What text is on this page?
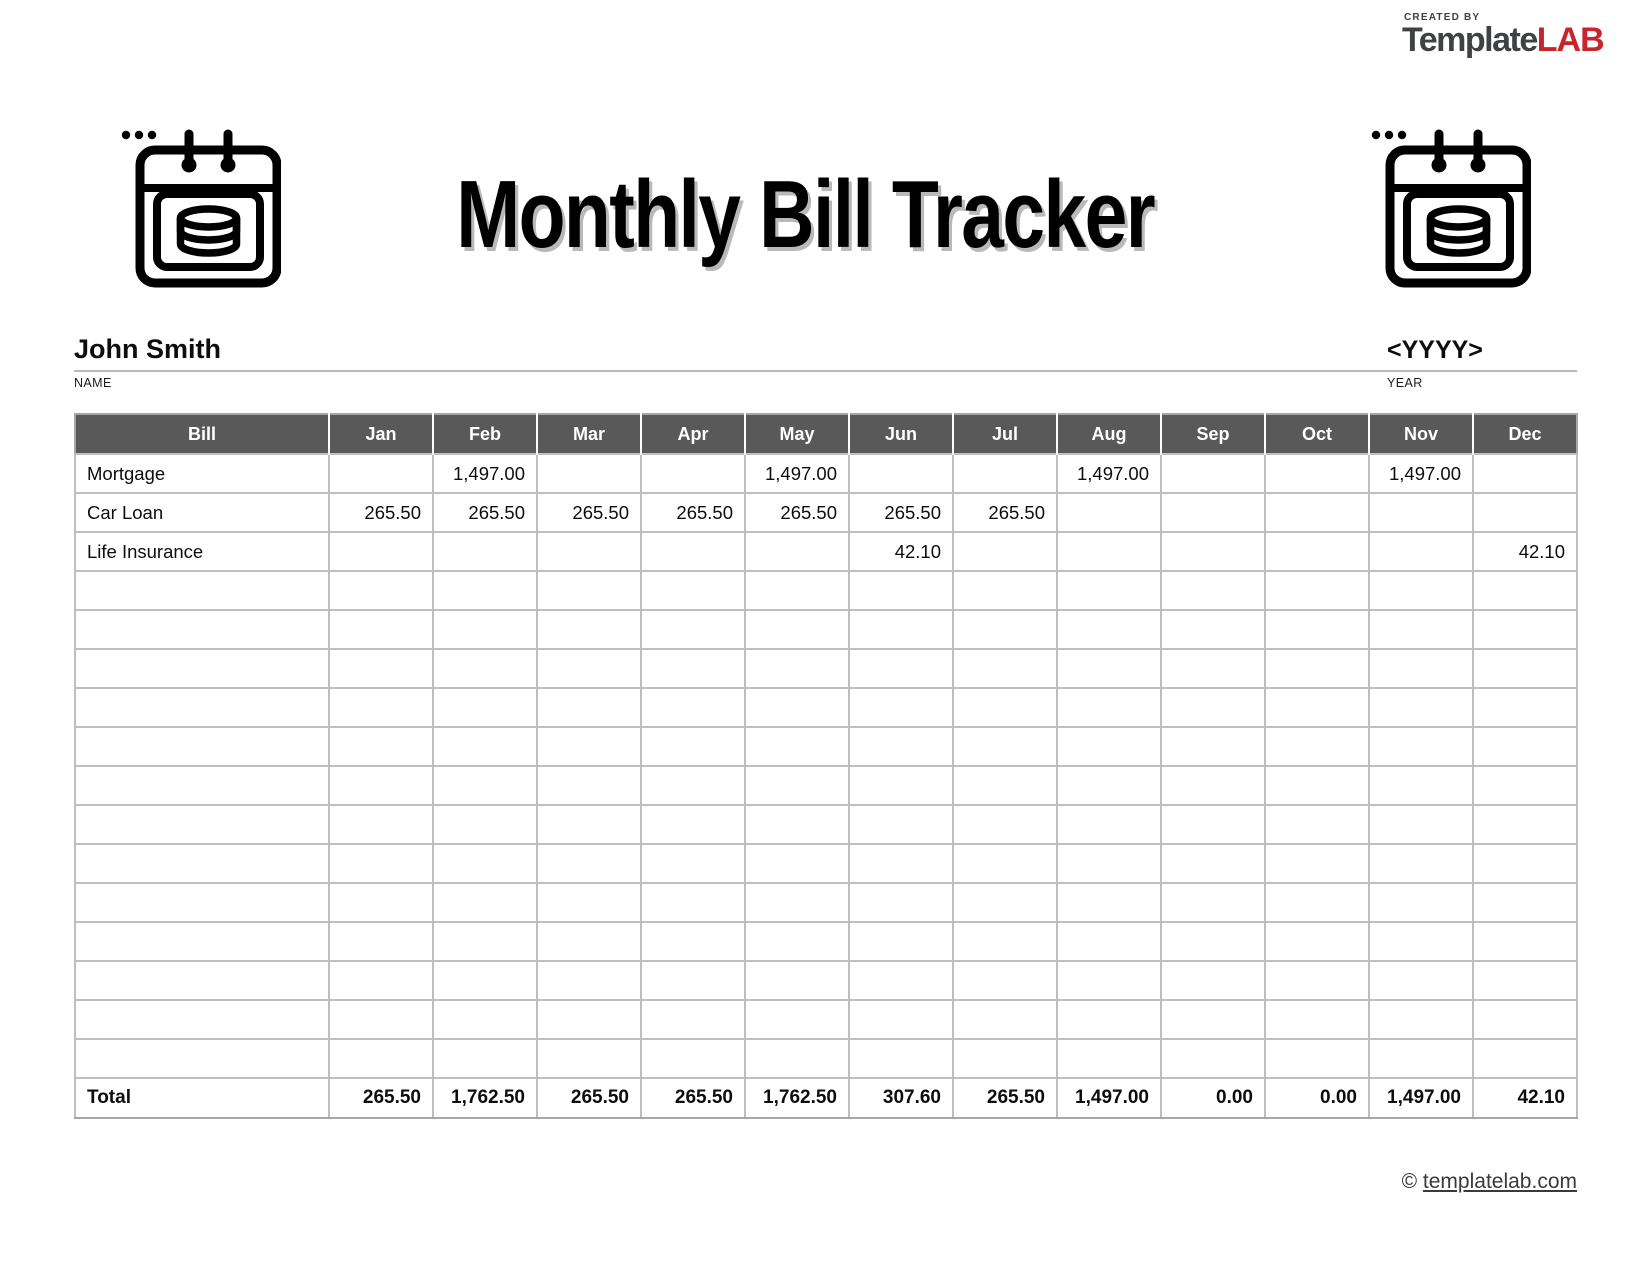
CREATED BY
TemplateLAB
Monthly Bill Tracker
John Smith	<YYYY>
NAME	YEAR
Bill	Jan	Feb	Mar	Apr	May	Jun	Jul	Aug	Sep	Oct	Nov	Dec
Mortgage		1,497.00			1,497.00			1,497.00			1,497.00	
Car Loan	265.50	265.50	265.50	265.50	265.50	265.50	265.50					
Life Insurance						42.10						42.10

Total	265.50	1,762.50	265.50	265.50	1,762.50	307.60	265.50	1,497.00	0.00	0.00	1,497.00	42.10
© templatelab.com
